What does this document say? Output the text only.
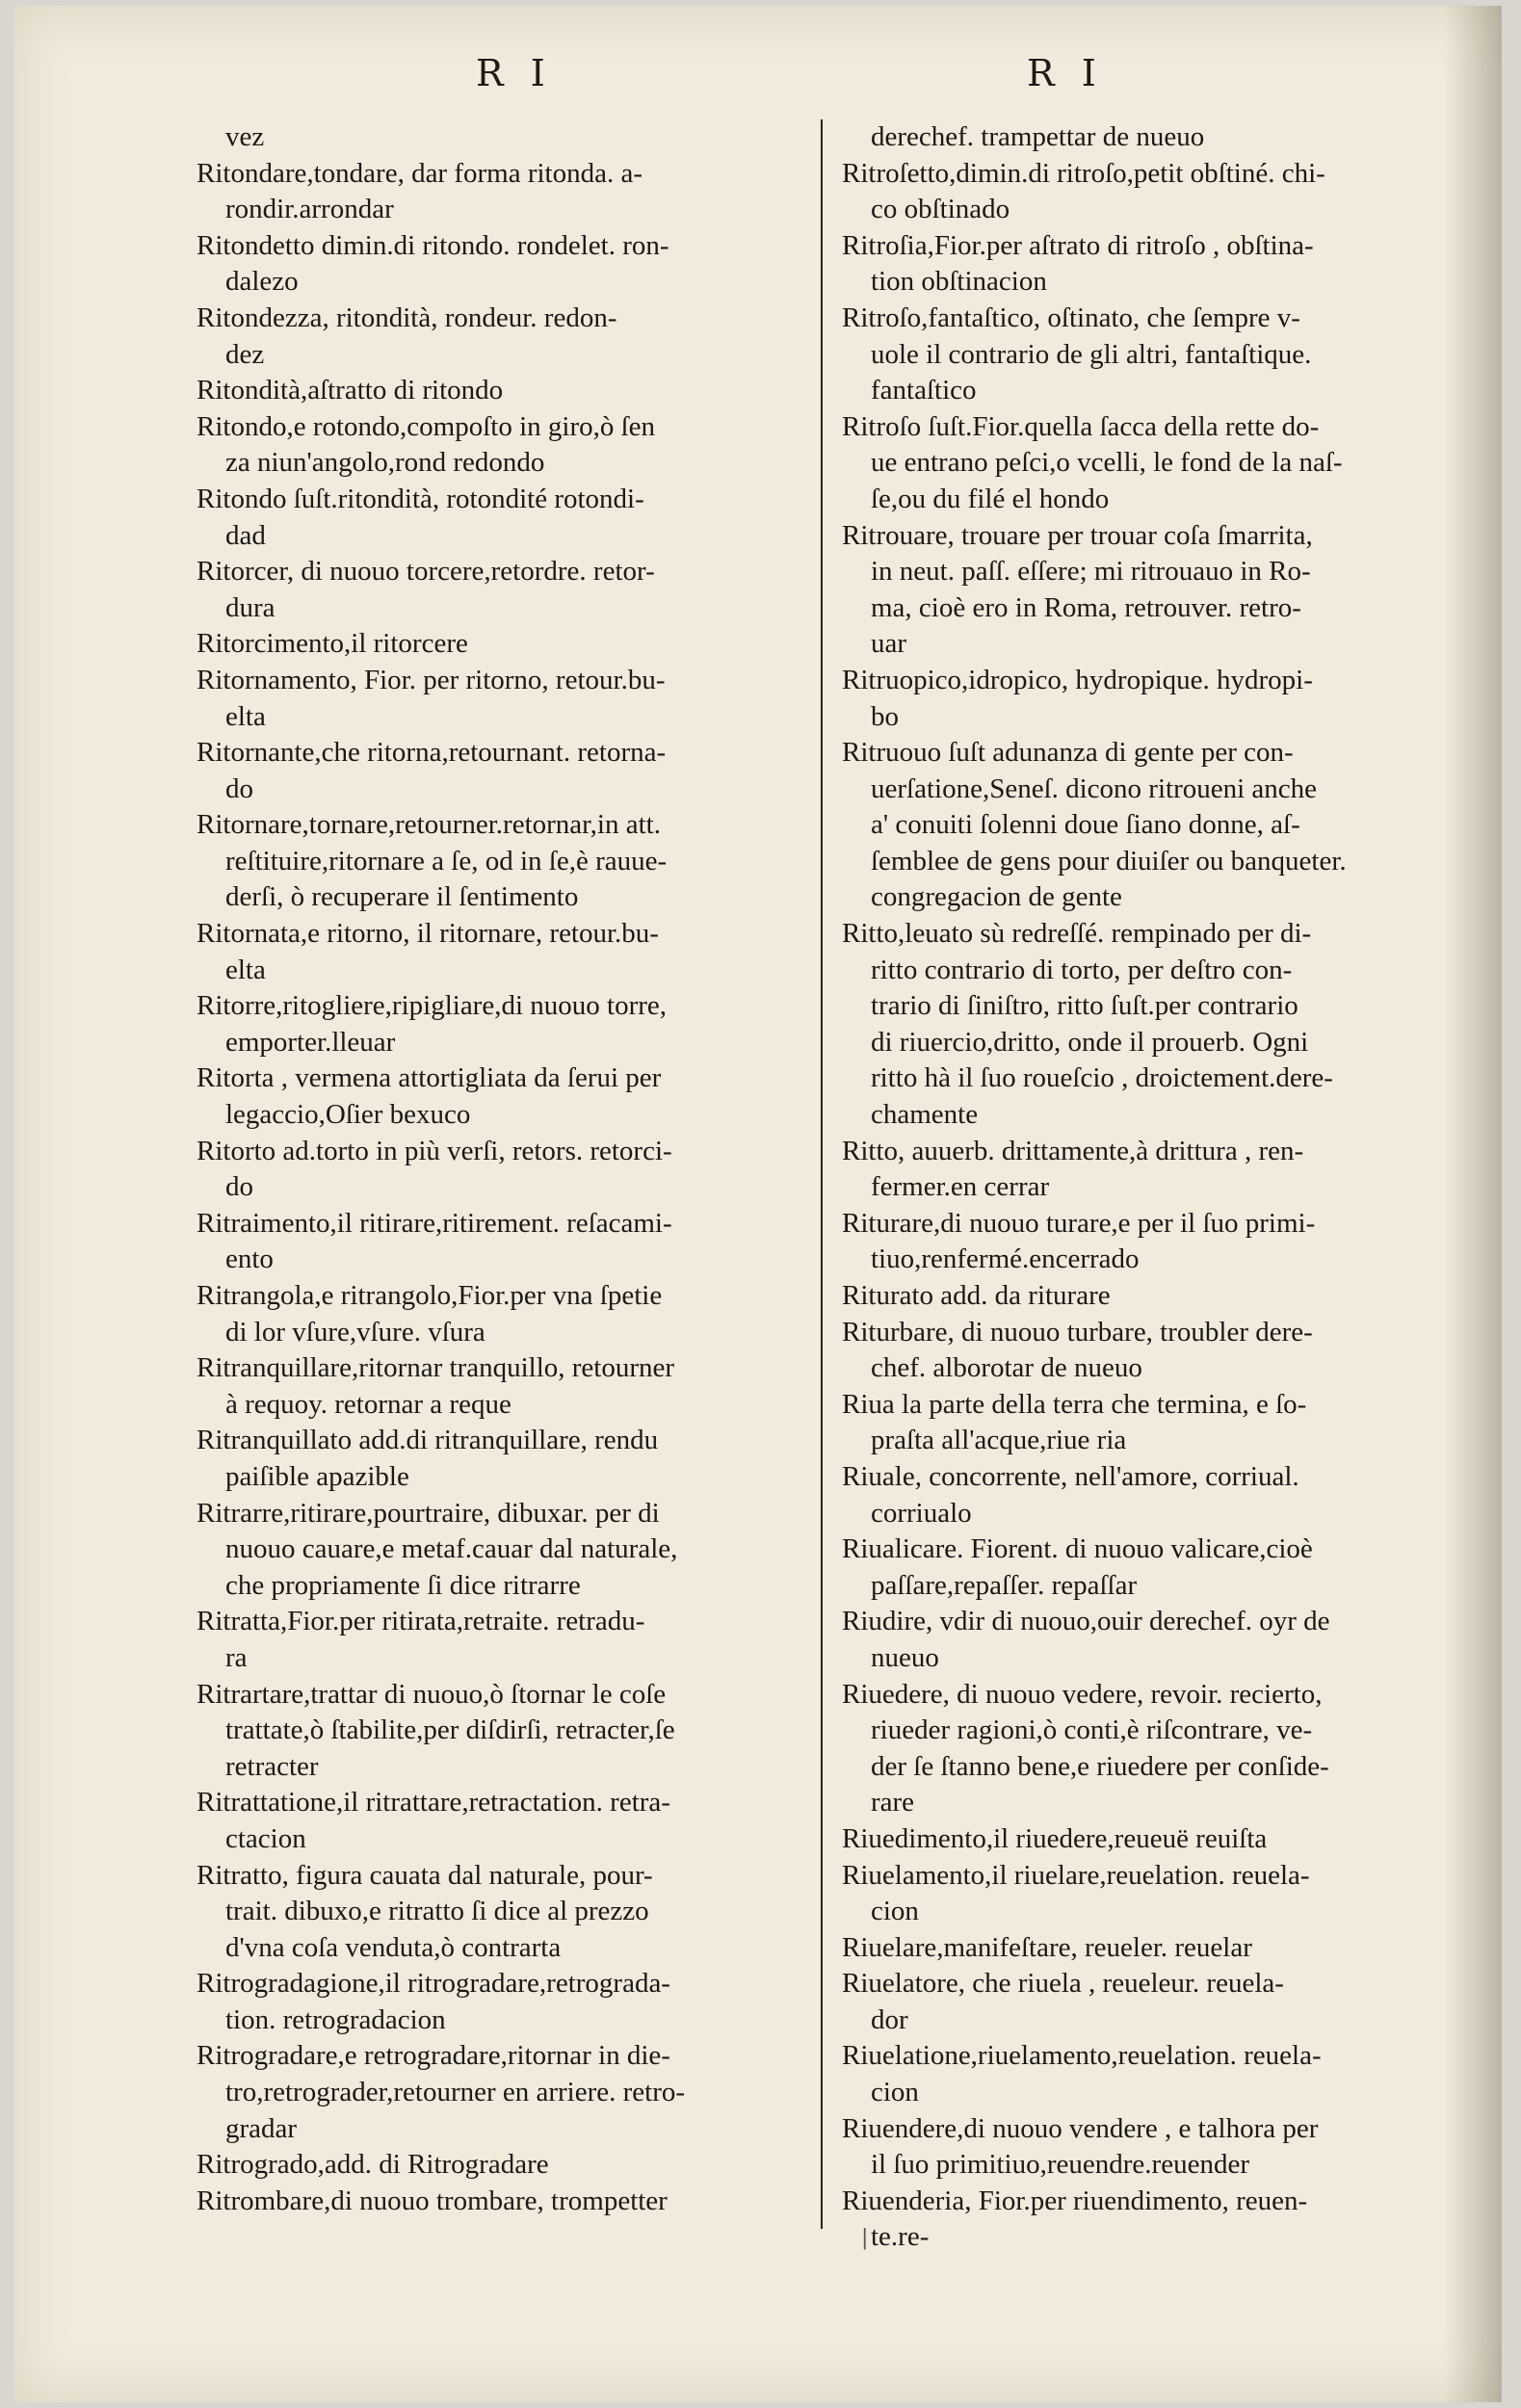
R I	R I
vez
Ritondare,tondare, dar forma ritonda. a-
rondir.arrondar
Ritondetto dimin.di ritondo. rondelet. ron-
dalezo
Ritondezza, ritondità, rondeur. redon-
dez
Ritondità,aſtratto di ritondo
Ritondo,e rotondo,compoſto in giro,ò ſen
za niun'angolo,rond redondo
Ritondo ſuſt.ritondità, rotondité rotondi-
dad
Ritorcer, di nuouo torcere,retordre. retor-
dura
Ritorcimento,il ritorcere
Ritornamento, Fior. per ritorno, retour.bu-
elta
Ritornante,che ritorna,retournant. retorna-
do
Ritornare,tornare,retourner.retornar,in att.
reſtituire,ritornare a ſe, od in ſe,è rauue-
derſi, ò recuperare il ſentimento
Ritornata,e ritorno, il ritornare, retour.bu-
elta
Ritorre,ritogliere,ripigliare,di nuouo torre,
emporter.lleuar
Ritorta , vermena attortigliata da ſerui per
legaccio,Oſier bexuco
Ritorto ad.torto in più verſi, retors. retorci-
do
Ritraimento,il ritirare,ritirement. reſacami-
ento
Ritrangola,e ritrangolo,Fior.per vna ſpetie
di lor vſure,vſure. vſura
Ritranquillare,ritornar tranquillo, retourner
à requoy. retornar a reque
Ritranquillato add.di ritranquillare, rendu
paiſible apazible
Ritrarre,ritirare,pourtraire, dibuxar. per di
nuouo cauare,e metaf.cauar dal naturale,
che propriamente ſi dice ritrarre
Ritratta,Fior.per ritirata,retraite. retradu-
ra
Ritrartare,trattar di nuouo,ò ſtornar le coſe
trattate,ò ſtabilite,per diſdirſi, retracter,ſe
retracter
Ritrattatione,il ritrattare,retractation. retra-
ctacion
Ritratto, figura cauata dal naturale, pour-
trait. dibuxo,e ritratto ſi dice al prezzo
d'vna coſa venduta,ò contrarta
Ritrogradagione,il ritrogradare,retrograda-
tion. retrogradacion
Ritrogradare,e retrogradare,ritornar in die-
tro,retrograder,retourner en arriere. retro-
gradar
Ritrogrado,add. di Ritrogradare
Ritrombare,di nuouo trombare, trompetter
derechef. trampettar de nueuo
Ritroſetto,dimin.di ritroſo,petit obſtiné. chi-
co obſtinado
Ritroſia,Fior.per aſtrato di ritroſo , obſtina-
tion obſtinacion
Ritroſo,fantaſtico, oſtinato, che ſempre v-
uole il contrario de gli altri, fantaſtique.
fantaſtico
Ritroſo ſuſt.Fior.quella ſacca della rette do-
ue entrano peſci,o vcelli, le fond de la naſ-
ſe,ou du filé el hondo
Ritrouare, trouare per trouar coſa ſmarrita,
in neut. paſſ. eſſere; mi ritrouauo in Ro-
ma, cioè ero in Roma, retrouver. retro-
uar
Ritruopico,idropico, hydropique. hydropi-
bo
Ritruouo ſuſt adunanza di gente per con-
uerſatione,Seneſ. dicono ritroueni anche
a' conuiti ſolenni doue ſiano donne, aſ-
ſemblee de gens pour diuiſer ou banqueter.
congregacion de gente
Ritto,leuato sù redreſſé. rempinado per di-
ritto contrario di torto, per deſtro con-
trario di ſiniſtro, ritto ſuſt.per contrario
di riuercio,dritto, onde il prouerb. Ogni
ritto hà il ſuo roueſcio , droictement.dere-
chamente
Ritto, auuerb. drittamente,à drittura , ren-
fermer.en cerrar
Riturare,di nuouo turare,e per il ſuo primi-
tiuo,renfermé.encerrado
Riturato add. da riturare
Riturbare, di nuouo turbare, troubler dere-
chef. alborotar de nueuo
Riua la parte della terra che termina, e ſo-
praſta all'acque,riue ria
Riuale, concorrente, nell'amore, corriual.
corriualo
Riualicare. Fiorent. di nuouo valicare,cioè
paſſare,repaſſer. repaſſar
Riudire, vdir di nuouo,ouir derechef. oyr de
nueuo
Riuedere, di nuouo vedere, revoir. recierto,
riueder ragioni,ò conti,è riſcontrare, ve-
der ſe ſtanno bene,e riuedere per conſide-
rare
Riuedimento,il riuedere,reueuë reuiſta
Riuelamento,il riuelare,reuelation. reuela-
cion
Riuelare,manifeſtare, reueler. reuelar
Riuelatore, che riuela , reueleur. reuela-
dor
Riuelatione,riuelamento,reuelation. reuela-
cion
Riuendere,di nuouo vendere , e talhora per
il ſuo primitiuo,reuendre.reuender
Riuenderia, Fior.per riuendimento, reuen-
te.re-
|
